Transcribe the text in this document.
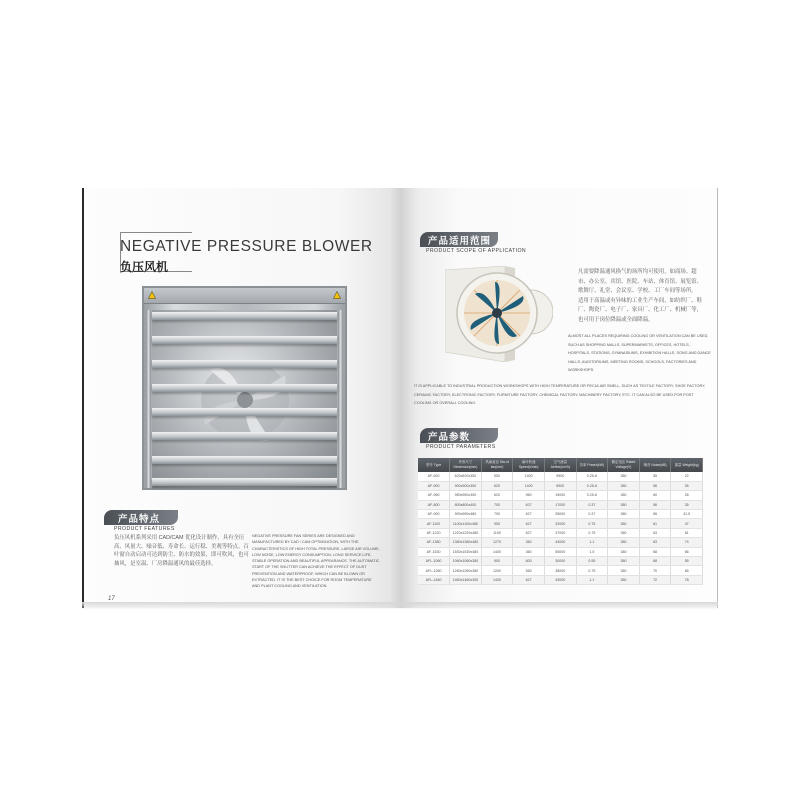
NEGATIVE PRESSURE BLOWER
负压风机
产品特点
PRODUCT FEATURES
负压风机系列采用 CAD/CAM 优化设计制作，具有全压高、风量大、噪音低、寿命长、运行稳、美观等特点。百叶窗自动启动可达到防尘、防水的效果，即可吹风，也可抽风，是室温、厂房降温通风的最佳选择。
NEGATIVE PRESSURE FAN SERIES ARE DESIGNED AND MANUFACTURED BY CAD / CAM OPTIMIZATION, WITH THE CHARACTERISTICS OF HIGH TOTAL PRESSURE, LARGE AIR VOLUME, LOW NOISE, LOW ENERGY CONSUMPTION, LONG SERVICE LIFE, STABLE OPERATION AND BEAUTIFUL APPEARANCE. THE AUTOMATIC START OF THE SHUTTER CAN ACHIEVE THE EFFECT OF DUST PREVENTION AND WATERPROOF, WHICH CAN BE BLOWN OR EXTRACTED. IT IS THE BEST CHOICE FOR ROOM TEMPERATURE AND PLANT COOLING AND VENTILATION.
17
产品适用范围
PRODUCT SCOPE OF APPLICATION
凡需要降温通风换气的场所均可使用，如商场、超市、办公室、宾馆、医院、车站、体育馆、展览馆、歌舞厅、礼堂、会议室、学校、工厂车间等场所。
适用于高温或有异味的工业生产车间，如纺织厂、鞋厂、陶瓷厂、电子厂、家具厂、化工厂、机械厂等，也可用于岗位降温或全面降温。
ALMOST ALL PLACES REQUIRING COOLING OR VENTILATION CAN BE USED, SUCH AS SHOPPING MALLS, SUPERMARKETS, OFFICES, HOTELS, HOSPITALS, STATIONS, GYMNASIUMS, EXHIBITION HALLS, SONG AND DANCE HALLS, AUDITORIUMS, MEETING ROOMS, SCHOOLS, FACTORIES AND WORKSHOPS.
IT IS APPLICABLE TO INDUSTRIAL PRODUCTION WORKSHOPS WITH HIGH TEMPERATURE OR PECULIAR SMELL, SUCH AS TEXTILE FACTORY, SHOE FACTORY, CERAMIC FACTORY, ELECTRONIC FACTORY, FURNITURE FACTORY, CHEMICAL FACTORY, MACHINERY FACTORY, ETC. IT CAN ALSO BE USED FOR POST COOLING OR OVERALL COOLING.
产品参数
PRODUCT PARAMETERS
型号 Type	外形尺寸 Dimension(mm)	风扇直径 Dia.of fan(mm)	扇叶转速 Speed(r/min)	空气流量 Airflow(m³/h)	功率 Power(kW)	额定电压 Rated Voltage(V)	噪音 Noise(dB)	重量 Weight(kg)
AF-620	620x620x350	550	1400	9500	0.25-6	380	55	22
AF-900	900x900x350	620	1400	6900	0.25-6	380	56	26
AF-950	950x950x350	620	960	15000	0.25-6	380	60	28
AF-800	800x800x400	700	627	17000	0.37	380	56	35
AF-900	990x990x480	790	627	28000	0.37	380	56	41.5
AF-1100	1100x1100x480	950	627	32000	0.75	380	61	47
AF-1220	1220x1220x480	1100	627	37000	0.75	380	63	61
AF-1380	1380x1380x480	1270	360	44000	1.1	380	63	74
AF-1530	1530x1530x480	1400	360	55000	1.5	380	68	86
AFL-1060	1060x1060x380	900	600	30000	0.55	380	68	55
AFL-1260	1260x1260x380	1200	550	38000	0.75	380	70	65
AFL-1460	1460x1460x390	1400	627	43000	1.1	380	72	78
